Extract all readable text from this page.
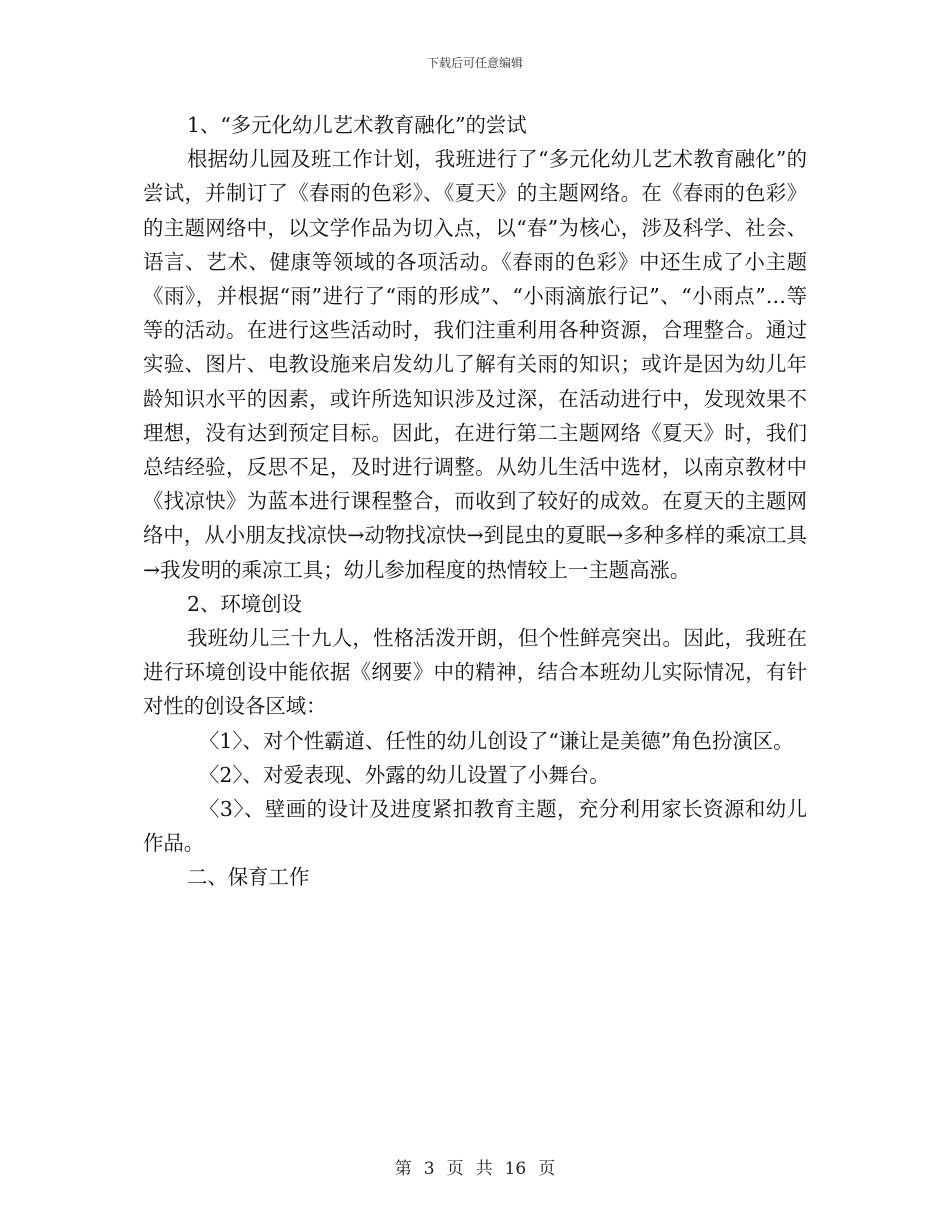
下载后可任意编辑

1、“多元化幼儿艺术教育融化”的尝试

根据幼儿园及班工作计划，我班进行了“多元化幼儿艺术教育融化”的尝试，并制订了《春雨的色彩》、《夏天》的主题网络。在《春雨的色彩》的主题网络中，以文学作品为切入点，以“春”为核心，涉及科学、社会、语言、艺术、健康等领域的各项活动。《春雨的色彩》中还生成了小主题《雨》，并根据“雨”进行了“雨的形成”、“小雨滴旅行记”、“小雨点”…等等的活动。在进行这些活动时，我们注重利用各种资源，合理整合。通过实验、图片、电教设施来启发幼儿了解有关雨的知识；或许是因为幼儿年龄知识水平的因素，或许所选知识涉及过深，在活动进行中，发现效果不理想，没有达到预定目标。因此，在进行第二主题网络《夏天》时，我们总结经验，反思不足，及时进行调整。从幼儿生活中选材，以南京教材中《找凉快》为蓝本进行课程整合，而收到了较好的成效。在夏天的主题网络中，从小朋友找凉快→动物找凉快→到昆虫的夏眠→多种多样的乘凉工具→我发明的乘凉工具；幼儿参加程度的热情较上一主题高涨。

2、环境创设

我班幼儿三十九人，性格活泼开朗，但个性鲜亮突出。因此，我班在进行环境创设中能依据《纲要》中的精神，结合本班幼儿实际情况，有针对性的创设各区域：

〈1〉、对个性霸道、任性的幼儿创设了“谦让是美德”角色扮演区。

〈2〉、对爱表现、外露的幼儿设置了小舞台。

〈3〉、壁画的设计及进度紧扣教育主题，充分利用家长资源和幼儿作品。

二、保育工作

第 3 页 共 16 页
